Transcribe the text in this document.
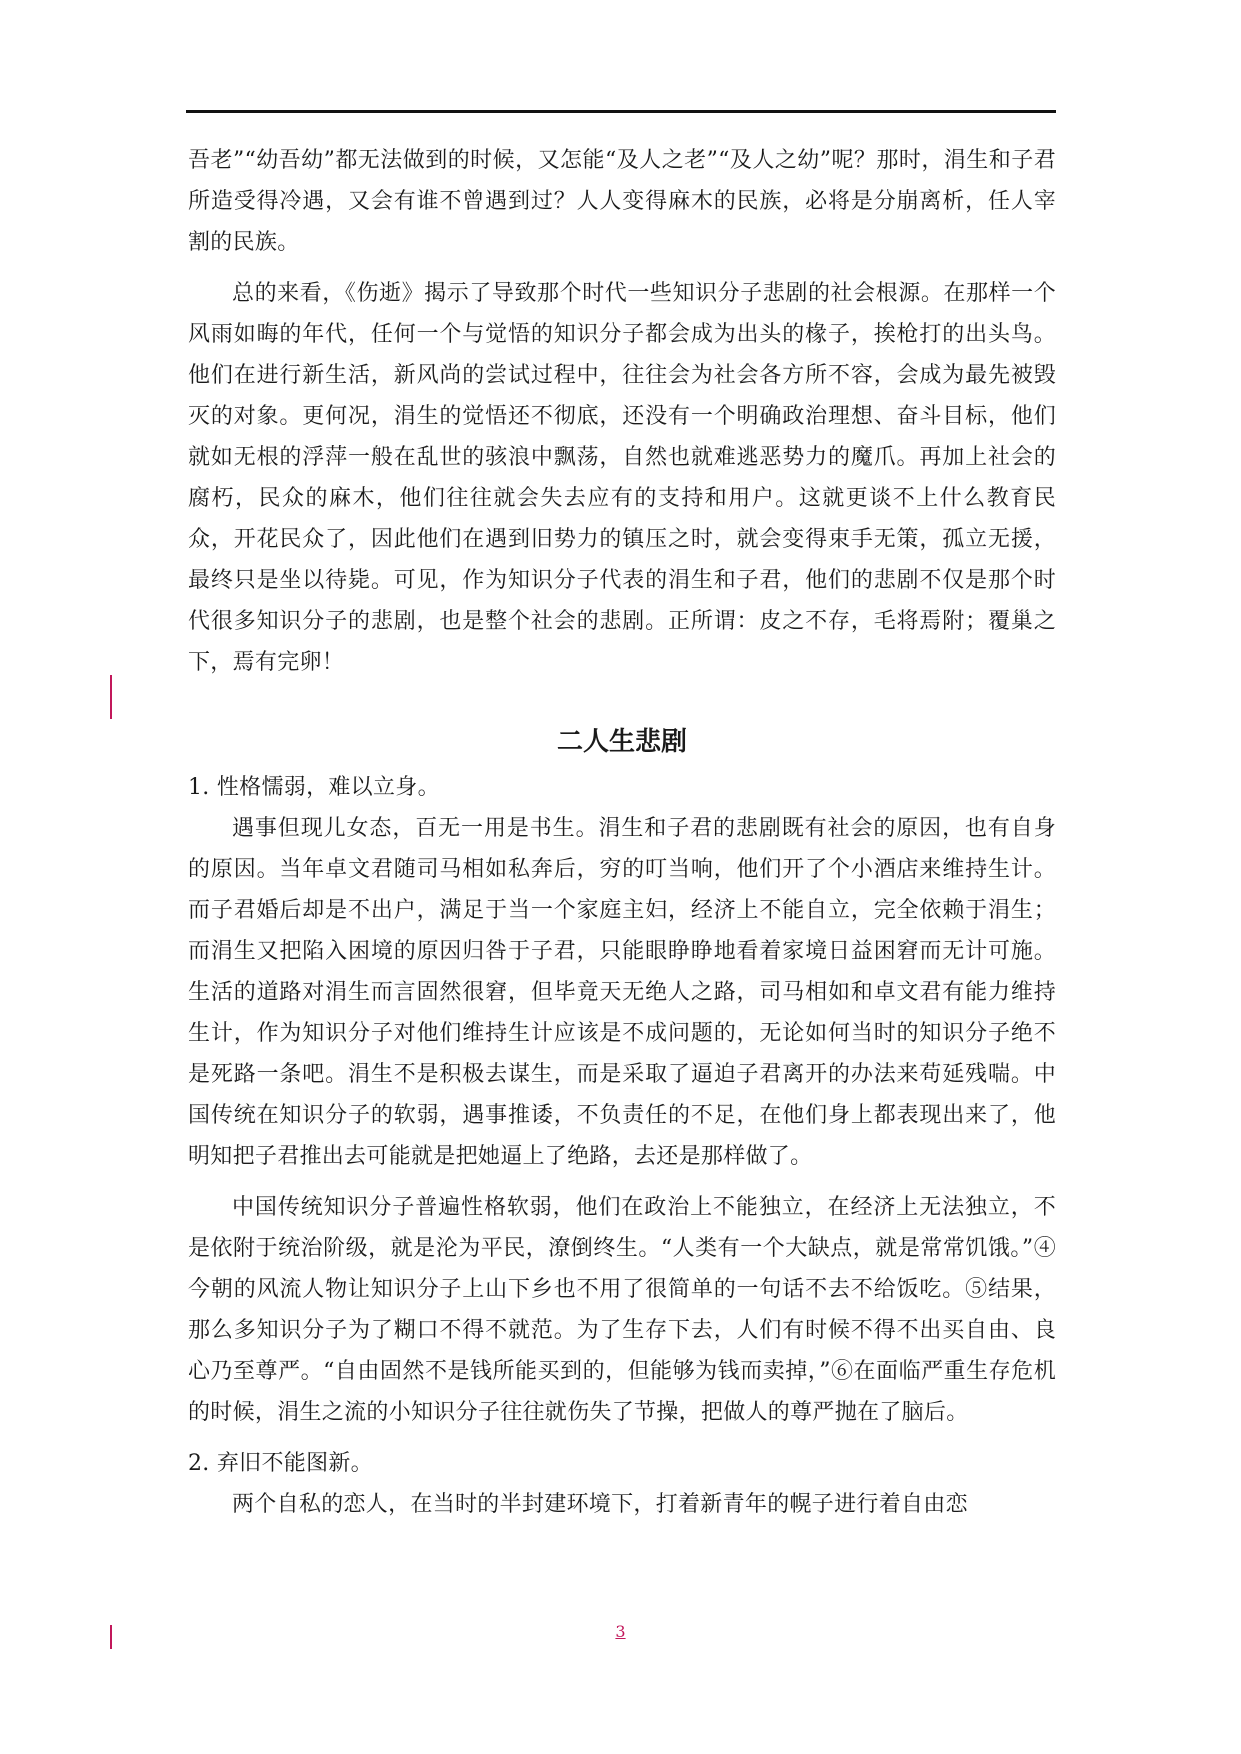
吾老”“幼吾幼”都无法做到的时候，又怎能“及人之老”“及人之幼”呢？那时，涓生和子君所造受得冷遇，又会有谁不曾遇到过？人人变得麻木的民族，必将是分崩离析，任人宰割的民族。

总的来看，《伤逝》揭示了导致那个时代一些知识分子悲剧的社会根源。在那样一个风雨如晦的年代，任何一个与觉悟的知识分子都会成为出头的椽子，挨枪打的出头鸟。他们在进行新生活，新风尚的尝试过程中，往往会为社会各方所不容，会成为最先被毁灭的对象。更何况，涓生的觉悟还不彻底，还没有一个明确政治理想、奋斗目标，他们就如无根的浮萍一般在乱世的骇浪中飘荡，自然也就难逃恶势力的魔爪。再加上社会的腐朽，民众的麻木，他们往往就会失去应有的支持和用户。这就更谈不上什么教育民众，开花民众了，因此他们在遇到旧势力的镇压之时，就会变得束手无策，孤立无援，最终只是坐以待毙。可见，作为知识分子代表的涓生和子君，他们的悲剧不仅是那个时代很多知识分子的悲剧，也是整个社会的悲剧。正所谓：皮之不存，毛将焉附；覆巢之下，焉有完卵！

二人生悲剧

1. 性格懦弱，难以立身。

遇事但现儿女态，百无一用是书生。涓生和子君的悲剧既有社会的原因，也有自身的原因。当年卓文君随司马相如私奔后，穷的叮当响，他们开了个小酒店来维持生计。而子君婚后却是不出户，满足于当一个家庭主妇，经济上不能自立，完全依赖于涓生；而涓生又把陷入困境的原因归咎于子君，只能眼睁睁地看着家境日益困窘而无计可施。生活的道路对涓生而言固然很窘，但毕竟天无绝人之路，司马相如和卓文君有能力维持生计，作为知识分子对他们维持生计应该是不成问题的，无论如何当时的知识分子绝不是死路一条吧。涓生不是积极去谋生，而是采取了逼迫子君离开的办法来苟延残喘。中国传统在知识分子的软弱，遇事推诿，不负责任的不足，在他们身上都表现出来了，他明知把子君推出去可能就是把她逼上了绝路，去还是那样做了。

中国传统知识分子普遍性格软弱，他们在政治上不能独立，在经济上无法独立，不是依附于统治阶级，就是沦为平民，潦倒终生。“人类有一个大缺点，就是常常饥饿。”④今朝的风流人物让知识分子上山下乡也不用了很简单的一句话不去不给饭吃。⑤结果，那么多知识分子为了糊口不得不就范。为了生存下去，人们有时候不得不出买自由、良心乃至尊严。“自由固然不是钱所能买到的，但能够为钱而卖掉，”⑥在面临严重生存危机的时候，涓生之流的小知识分子往往就伤失了节操，把做人的尊严抛在了脑后。

2. 弃旧不能图新。

两个自私的恋人，在当时的半封建环境下，打着新青年的幌子进行着自由恋

3
